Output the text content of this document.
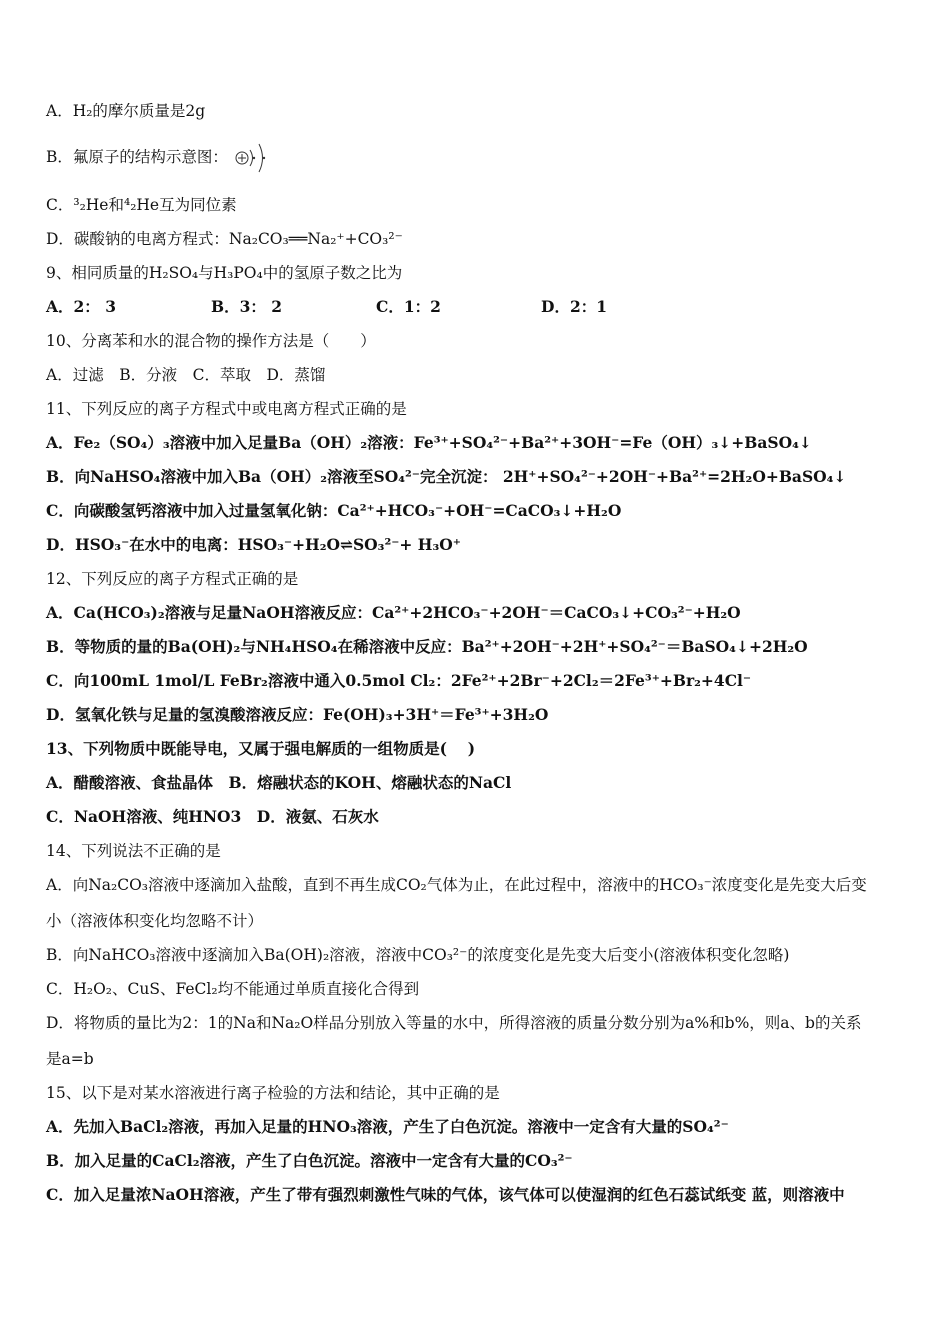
A．H₂的摩尔质量是2g
B．氟原子的结构示意图：
C．³₂He和⁴₂He互为同位素
D．碳酸钠的电离方程式：Na₂CO₃══Na₂⁺+CO₃²⁻
9、相同质量的H₂SO₄与H₃PO₄中的氢原子数之比为
A．2： 3	B．3： 2	C．1：2	D．2：1
10、分离苯和水的混合物的操作方法是（　　）
A．过滤　B．分液　C．萃取　D．蒸馏
11、下列反应的离子方程式中或电离方程式正确的是
A．Fe₂（SO₄）₃溶液中加入足量Ba（OH）₂溶液：Fe³⁺+SO₄²⁻+Ba²⁺+3OH⁻=Fe（OH）₃↓+BaSO₄↓
B．向NaHSO₄溶液中加入Ba（OH）₂溶液至SO₄²⁻完全沉淀： 2H⁺+SO₄²⁻+2OH⁻+Ba²⁺=2H₂O+BaSO₄↓
C．向碳酸氢钙溶液中加入过量氢氧化钠：Ca²⁺+HCO₃⁻+OH⁻=CaCO₃↓+H₂O
D．HSO₃⁻在水中的电离：HSO₃⁻+H₂O⇌SO₃²⁻+ H₃O⁺
12、下列反应的离子方程式正确的是
A．Ca(HCO₃)₂溶液与足量NaOH溶液反应：Ca²⁺+2HCO₃⁻+2OH⁻＝CaCO₃↓+CO₃²⁻+H₂O
B．等物质的量的Ba(OH)₂与NH₄HSO₄在稀溶液中反应：Ba²⁺+2OH⁻+2H⁺+SO₄²⁻＝BaSO₄↓+2H₂O
C．向100mL 1mol/L FeBr₂溶液中通入0.5mol Cl₂：2Fe²⁺+2Br⁻+2Cl₂＝2Fe³⁺+Br₂+4Cl⁻
D．氢氧化铁与足量的氢溴酸溶液反应：Fe(OH)₃+3H⁺＝Fe³⁺+3H₂O
13、下列物质中既能导电，又属于强电解质的一组物质是(　 )
A．醋酸溶液、食盐晶体　B．熔融状态的KOH、熔融状态的NaCl
C．NaOH溶液、纯HNO3　D．液氨、石灰水
14、下列说法不正确的是
A．向Na₂CO₃溶液中逐滴加入盐酸，直到不再生成CO₂气体为止，在此过程中，溶液中的HCO₃⁻浓度变化是先变大后变
小（溶液体积变化均忽略不计）
B．向NaHCO₃溶液中逐滴加入Ba(OH)₂溶液，溶液中CO₃²⁻的浓度变化是先变大后变小(溶液体积变化忽略)
C．H₂O₂、CuS、FeCl₂均不能通过单质直接化合得到
D．将物质的量比为2：1的Na和Na₂O样品分别放入等量的水中，所得溶液的质量分数分别为a%和b%，则a、b的关系
是a=b
15、以下是对某水溶液进行离子检验的方法和结论，其中正确的是
A．先加入BaCl₂溶液，再加入足量的HNO₃溶液，产生了白色沉淀。溶液中一定含有大量的SO₄²⁻
B．加入足量的CaCl₂溶液，产生了白色沉淀。溶液中一定含有大量的CO₃²⁻
C．加入足量浓NaOH溶液，产生了带有强烈刺激性气味的气体，该气体可以使湿润的红色石蕊试纸变 蓝，则溶液中
